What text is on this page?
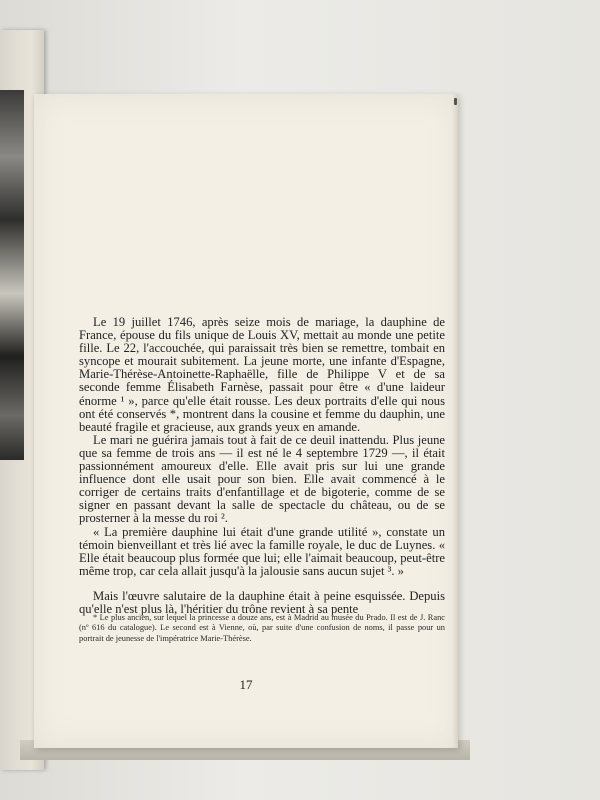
Le 19 juillet 1746, après seize mois de mariage, la dauphine de France, épouse du fils unique de Louis XV, mettait au monde une petite fille. Le 22, l'accouchée, qui paraissait très bien se remettre, tombait en syncope et mourait subitement. La jeune morte, une infante d'Espagne, Marie-Thérèse-Antoinette-Raphaëlle, fille de Philippe V et de sa seconde femme Élisabeth Farnèse, passait pour être « d'une laideur énorme ¹ », parce qu'elle était rousse. Les deux portraits d'elle qui nous ont été conservés *, montrent dans la cousine et femme du dauphin, une beauté fragile et gracieuse, aux grands yeux en amande.

Le mari ne guérira jamais tout à fait de ce deuil inattendu. Plus jeune que sa femme de trois ans — il est né le 4 septembre 1729 —, il était passionnément amoureux d'elle. Elle avait pris sur lui une grande influence dont elle usait pour son bien. Elle avait commencé à le corriger de certains traits d'enfantillage et de bigoterie, comme de se signer en passant devant la salle de spectacle du château, ou de se prosterner à la messe du roi ².

« La première dauphine lui était d'une grande utilité », constate un témoin bienveillant et très lié avec la famille royale, le duc de Luynes. « Elle était beaucoup plus formée que lui; elle l'aimait beaucoup, peut-être même trop, car cela allait jusqu'à la jalousie sans aucun sujet ³. »

Mais l'œuvre salutaire de la dauphine était à peine esquissée. Depuis qu'elle n'est plus là, l'héritier du trône revient à sa pente

* Le plus ancien, sur lequel la princesse a douze ans, est à Madrid au musée du Prado. Il est de J. Ranc (nº 616 du catalogue). Le second est à Vienne, où, par suite d'une confusion de noms, il passe pour un portrait de jeunesse de l'impératrice Marie-Thérèse.

17
